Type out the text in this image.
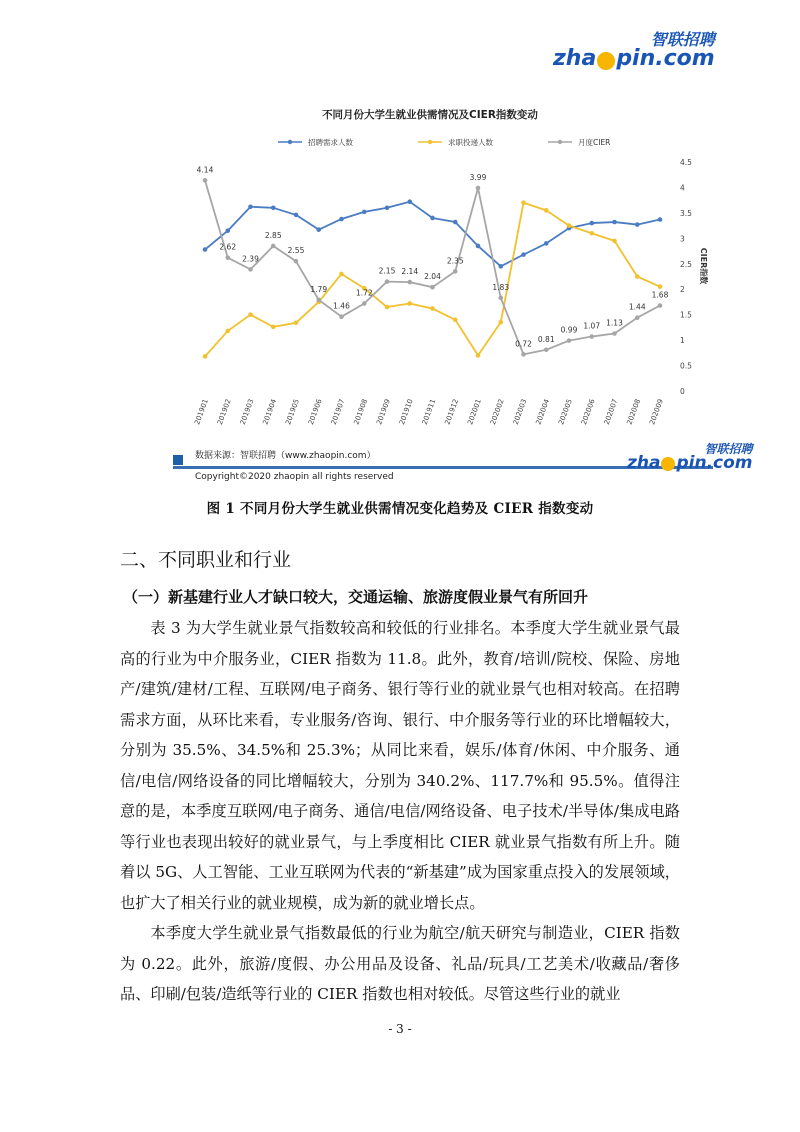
智联招聘
zha pin.com
不同月份大学生就业供需情况及CIER指数变动
招聘需求人数	求职投递人数	月度CIER
4.5
4
3.5
3
2.5
2
1.5
1
0.5
0
CIER指数
201901 201902 201903 201904 201905 201906 201907 201908 201909 201910 201911 201912 202001 202002 202003 202004 202005 202006 202007 202008 202009
4.14
2.62
2.39
2.85
2.55
1.79
1.46
1.72
2.15 2.14
2.04
2.35
3.99
1.83
0.72
0.81
0.99 1.07 1.13
1.44
1.68
数据来源：智联招聘（www.zhaopin.com）	智联招聘
zha pin.com
Copyright©2020 zhaopin all rights reserved
图 1 不同月份大学生就业供需情况变化趋势及 CIER 指数变动
二、不同职业和行业
（一）新基建行业人才缺口较大，交通运输、旅游度假业景气有所回升

表 3 为大学生就业景气指数较高和较低的行业排名。本季度大学生就业景气最高的行业为中介服务业，CIER 指数为 11.8。此外，教育/培训/院校、保险、房地产/建筑/建材/工程、互联网/电子商务、银行等行业的就业景气也相对较高。在招聘需求方面，从环比来看，专业服务/咨询、银行、中介服务等行业的环比增幅较大，分别为 35.5%、34.5%和 25.3%；从同比来看，娱乐/体育/休闲、中介服务、通信/电信/网络设备的同比增幅较大，分别为 340.2%、117.7%和 95.5%。值得注意的是，本季度互联网/电子商务、通信/电信/网络设备、电子技术/半导体/集成电路等行业也表现出较好的就业景气，与上季度相比 CIER 就业景气指数有所上升。随着以 5G、人工智能、工业互联网为代表的“新基建”成为国家重点投入的发展领域，也扩大了相关行业的就业规模，成为新的就业增长点。

本季度大学生就业景气指数最低的行业为航空/航天研究与制造业，CIER 指数为 0.22。此外，旅游/度假、办公用品及设备、礼品/玩具/工艺美术/收藏品/奢侈品、印刷/包装/造纸等行业的 CIER 指数也相对较低。尽管这些行业的就业

- 3 -
